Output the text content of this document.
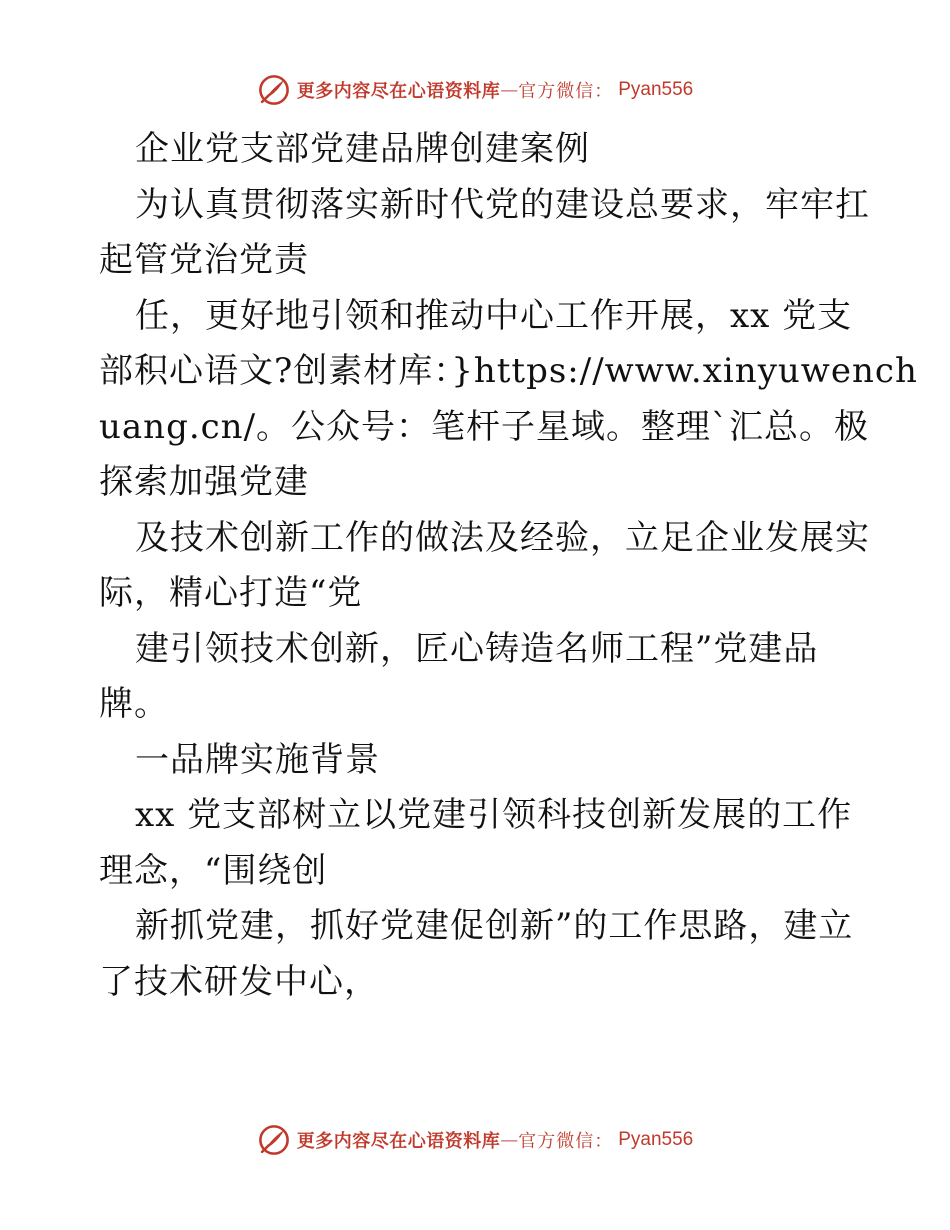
更多内容尽在心语资料库 — 官方微信 ： Pyan556
企业党支部党建品牌创建案例
为认真贯彻落实新时代党的建设总要求，牢牢扛
起管党治党责
任，更好地引领和推动中心工作开展，xx 党支
部积心语文?创素材库：}https://www.xinyuwench
uang.cn/。公众号：笔杆子星域。整理`汇总。极
探索加强党建
及技术创新工作的做法及经验，立足企业发展实
际，精心打造“党
建引领技术创新，匠心铸造名师工程”党建品
牌。
一品牌实施背景
xx 党支部树立以党建引领科技创新发展的工作
理念，“围绕创
新抓党建，抓好党建促创新”的工作思路，建立
了技术研发中心，
更多内容尽在心语资料库 — 官方微信 ： Pyan556
